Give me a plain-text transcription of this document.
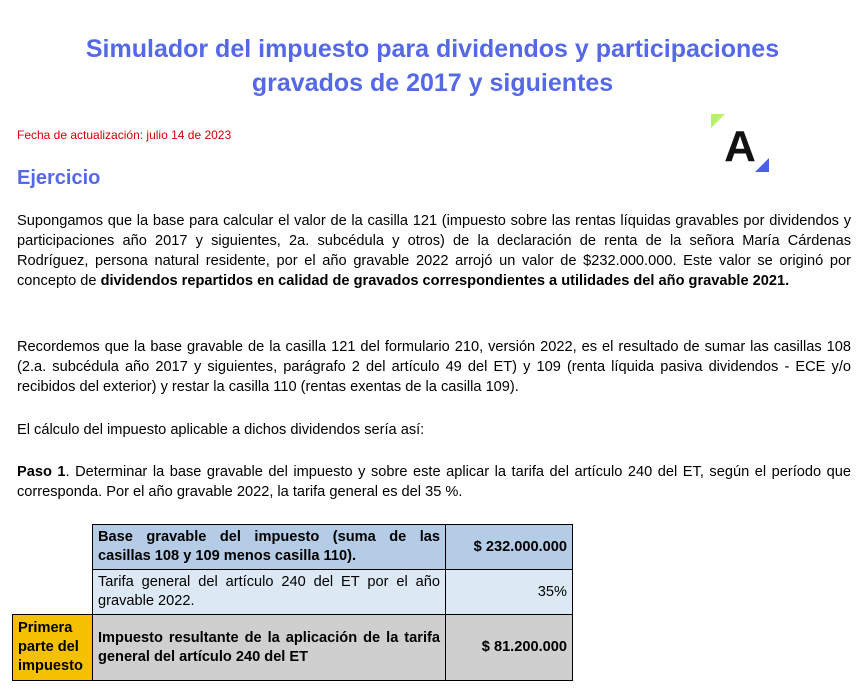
Simulador del impuesto para dividendos y participaciones
gravados de 2017 y siguientes
Fecha de actualización: julio 14 de 2023	A
Ejercicio
Supongamos que la base para calcular el valor de la casilla 121 (impuesto sobre las rentas líquidas gravables por dividendos y participaciones año 2017 y siguientes, 2a. subcédula y otros) de la declaración de renta de la señora María Cárdenas Rodríguez, persona natural residente, por el año gravable 2022 arrojó un valor de $232.000.000. Este valor se originó por concepto de dividendos repartidos en calidad de gravados correspondientes a utilidades del año gravable 2021.
Recordemos que la base gravable de la casilla 121 del formulario 210, versión 2022, es el resultado de sumar las casillas 108 (2.a. subcédula año 2017 y siguientes, parágrafo 2 del artículo 49 del ET) y 109 (renta líquida pasiva dividendos - ECE y/o recibidos del exterior) y restar la casilla 110 (rentas exentas de la casilla 109).
El cálculo del impuesto aplicable a dichos dividendos sería así:
Paso 1. Determinar la base gravable del impuesto y sobre este aplicar la tarifa del artículo 240 del ET, según el período que corresponda. Por el año gravable 2022, la tarifa general es del 35 %.
	Base gravable del impuesto (suma de las casillas 108 y 109 menos casilla 110).	$ 232.000.000
	Tarifa general del artículo 240 del ET por el año gravable 2022.	35%
Primera parte del impuesto	Impuesto resultante de la aplicación de la tarifa general del artículo 240 del ET	$ 81.200.000
